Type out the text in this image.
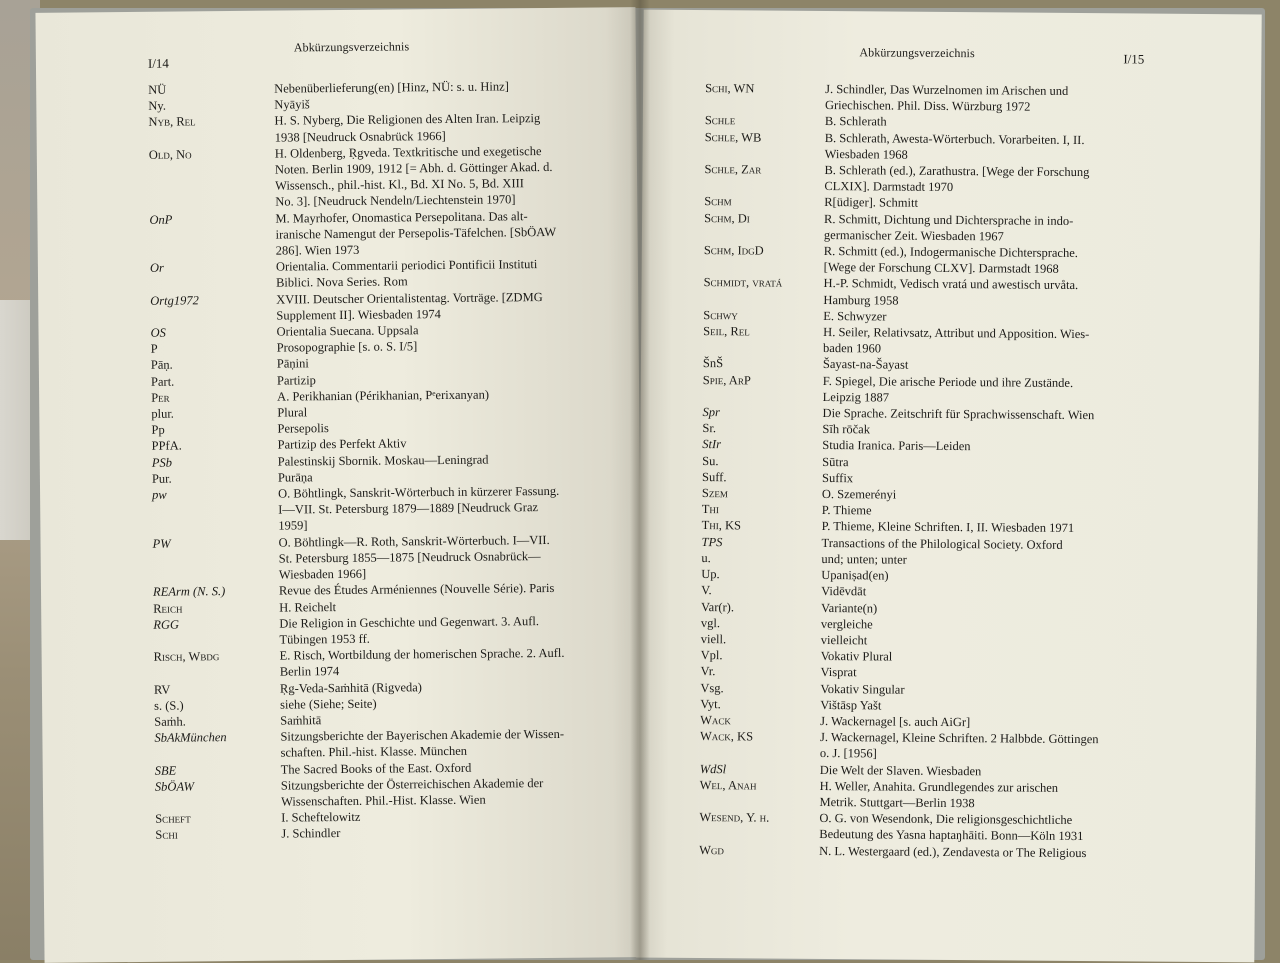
I/14
Abkürzungsverzeichnis
NÜ	Nebenüberlieferung(en) [Hinz, NÜ: s. u. Hinz]
Ny.	Nyāyiš
Nyb, Rel	H. S. Nyberg, Die Religionen des Alten Iran. Leipzig
1938 [Neudruck Osnabrück 1966]
Old, No	H. Oldenberg, Ṛgveda. Textkritische und exegetische
Noten. Berlin 1909, 1912 [= Abh. d. Göttinger Akad. d.
Wissensch., phil.-hist. Kl., Bd. XI No. 5, Bd. XIII
No. 3]. [Neudruck Nendeln/Liechtenstein 1970]
OnP	M. Mayrhofer, Onomastica Persepolitana. Das alt-
iranische Namengut der Persepolis-Täfelchen. [SbÖAW
286]. Wien 1973
Or	Orientalia. Commentarii periodici Pontificii Instituti
Biblici. Nova Series. Rom
Ortg1972	XVIII. Deutscher Orientalistentag. Vorträge. [ZDMG
Supplement II]. Wiesbaden 1974
OS	Orientalia Suecana. Uppsala
P	Prosopographie [s. o. S. I/5]
Pāṇ.	Pāṇini
Part.	Partizip
Per	A. Perikhanian (Périkhanian, Pᵉerixanyan)
plur.	Plural
Pp	Persepolis
PPfA.	Partizip des Perfekt Aktiv
PSb	Palestinskij Sbornik. Moskau—Leningrad
Pur.	Purāṇa
pw	O. Böhtlingk, Sanskrit-Wörterbuch in kürzerer Fassung.
I—VII. St. Petersburg 1879—1889 [Neudruck Graz
1959]
PW	O. Böhtlingk—R. Roth, Sanskrit-Wörterbuch. I—VII.
St. Petersburg 1855—1875 [Neudruck Osnabrück—
Wiesbaden 1966]
REArm (N. S.)	Revue des Études Arméniennes (Nouvelle Série). Paris
Reich	H. Reichelt
RGG	Die Religion in Geschichte und Gegenwart. 3. Aufl.
Tübingen 1953 ff.
Risch, Wbdg	E. Risch, Wortbildung der homerischen Sprache. 2. Aufl.
Berlin 1974
RV	Ṛg-Veda-Saṁhitā (Rigveda)
s. (S.)	siehe (Siehe; Seite)
Saṁh.	Saṁhitā
SbAkMünchen	Sitzungsberichte der Bayerischen Akademie der Wissen-
schaften. Phil.-hist. Klasse. München
SBE	The Sacred Books of the East. Oxford
SbÖAW	Sitzungsberichte der Österreichischen Akademie der
Wissenschaften. Phil.-Hist. Klasse. Wien
Scheft	I. Scheftelowitz
Schi	J. Schindler
Abkürzungsverzeichnis	I/15
Schi, WN	J. Schindler, Das Wurzelnomen im Arischen und
Griechischen. Phil. Diss. Würzburg 1972
Schle	B. Schlerath
Schle, WB	B. Schlerath, Awesta-Wörterbuch. Vorarbeiten. I, II.
Wiesbaden 1968
Schle, Zar	B. Schlerath (ed.), Zarathustra. [Wege der Forschung
CLXIX]. Darmstadt 1970
Schm	R[üdiger]. Schmitt
Schm, Di	R. Schmitt, Dichtung und Dichtersprache in indo-
germanischer Zeit. Wiesbaden 1967
Schm, IdgD	R. Schmitt (ed.), Indogermanische Dichtersprache.
[Wege der Forschung CLXV]. Darmstadt 1968
Schmidt, vratá	H.-P. Schmidt, Vedisch vratá und awestisch urvåta.
Hamburg 1958
Schwy	E. Schwyzer
Seil, Rel	H. Seiler, Relativsatz, Attribut und Apposition. Wies-
baden 1960
ŠnŠ	Šayast-na-Šayast
Spie, ArP	F. Spiegel, Die arische Periode und ihre Zustände.
Leipzig 1887
Spr	Die Sprache. Zeitschrift für Sprachwissenschaft. Wien
Sr.	Sīh rōčak
StIr	Studia Iranica. Paris—Leiden
Su.	Sūtra
Suff.	Suffix
Szem	O. Szemerényi
Thi	P. Thieme
Thi, KS	P. Thieme, Kleine Schriften. I, II. Wiesbaden 1971
TPS	Transactions of the Philological Society. Oxford
u.	und; unten; unter
Up.	Upaniṣad(en)
V.	Vidēvdāt
Var(r).	Variante(n)
vgl.	vergleiche
viell.	vielleicht
Vpl.	Vokativ Plural
Vr.	Visprat
Vsg.	Vokativ Singular
Vyt.	Vištāsp Yašt
Wack	J. Wackernagel [s. auch AiGr]
Wack, KS	J. Wackernagel, Kleine Schriften. 2 Halbbde. Göttingen
o. J. [1956]
WdSl	Die Welt der Slaven. Wiesbaden
Wel, Anah	H. Weller, Anahita. Grundlegendes zur arischen
Metrik. Stuttgart—Berlin 1938
Wesend, Y. h.	O. G. von Wesendonk, Die religionsgeschichtliche
Bedeutung des Yasna haptaŋhāiti. Bonn—Köln 1931
Wgd	N. L. Westergaard (ed.), Zendavesta or The Religious
